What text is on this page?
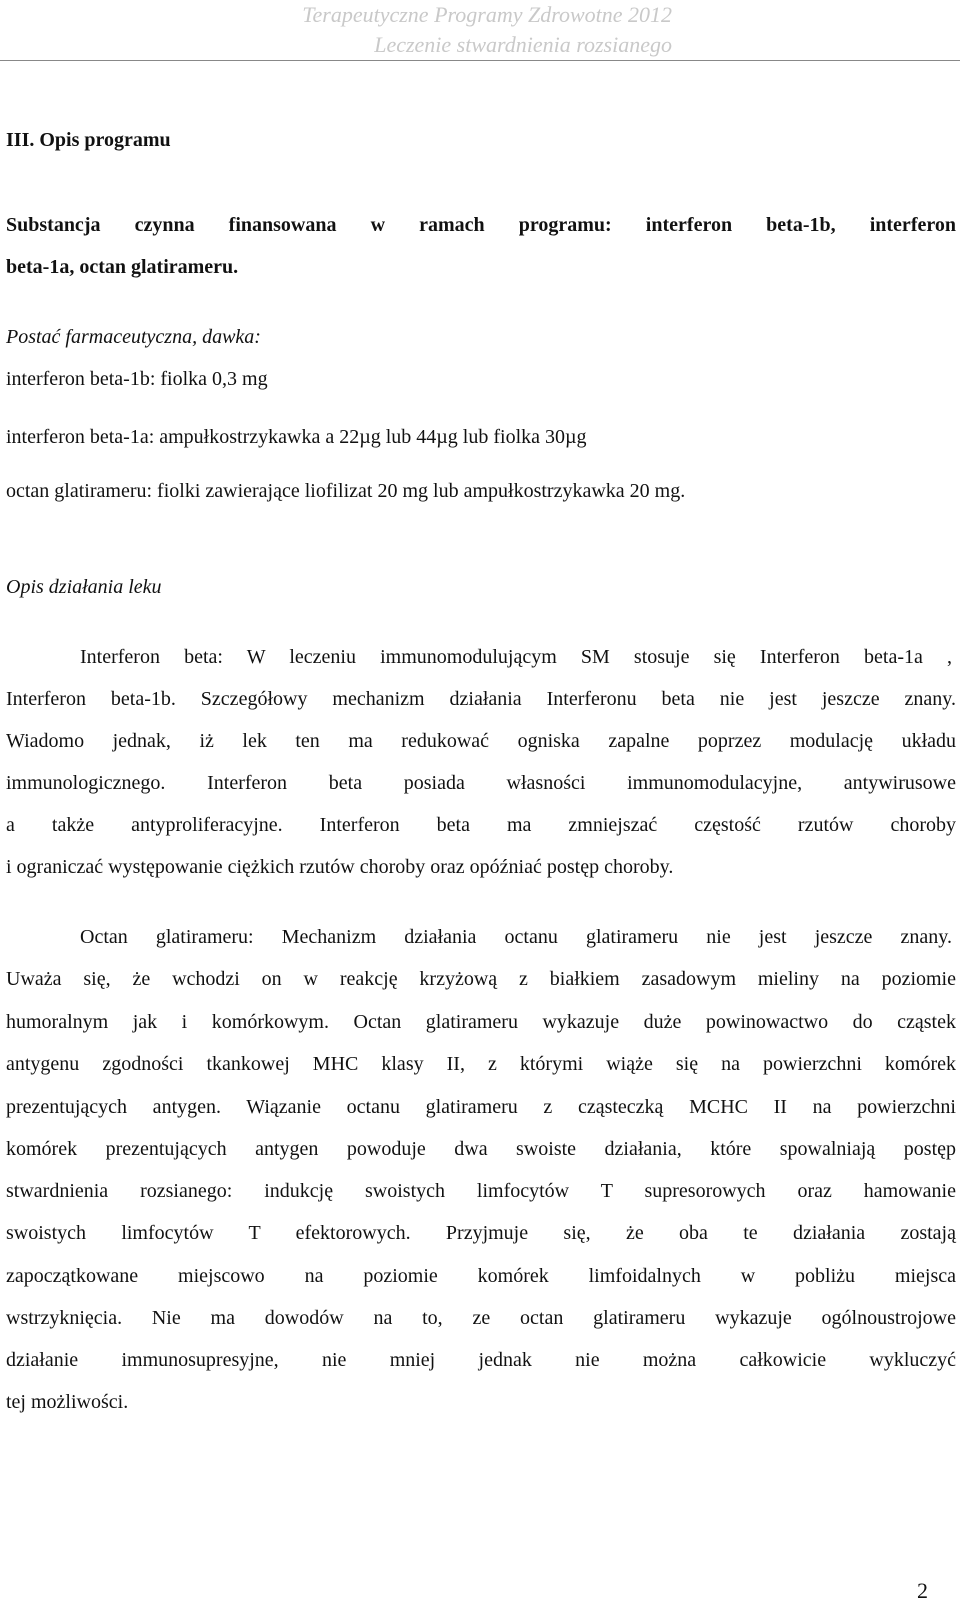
Terapeutyczne Programy Zdrowotne 2012
Leczenie stwardnienia rozsianego
III. Opis programu
Substancja czynna finansowana w ramach programu: interferon beta-1b, interferon
beta-1a, octan glatirameru.
Postać farmaceutyczna, dawka:
interferon beta-1b: fiolka 0,3 mg
interferon beta-1a: ampułkostrzykawka a 22µg lub 44µg lub fiolka 30µg
octan glatirameru: fiolki zawierające liofilizat 20 mg lub ampułkostrzykawka 20 mg.
Opis działania leku
Interferon beta: W leczeniu immunomodulującym SM stosuje się Interferon beta-1a ,
Interferon beta-1b. Szczegółowy mechanizm działania Interferonu beta nie jest jeszcze znany.
Wiadomo jednak, iż lek ten ma redukować ogniska zapalne poprzez modulację układu
immunologicznego. Interferon beta posiada własności immunomodulacyjne, antywirusowe
a także antyproliferacyjne. Interferon beta ma zmniejszać częstość rzutów choroby
i ograniczać występowanie ciężkich rzutów choroby oraz opóźniać postęp choroby.
Octan glatirameru: Mechanizm działania octanu glatirameru nie jest jeszcze znany.
Uważa się, że wchodzi on w reakcję krzyżową z białkiem zasadowym mieliny na poziomie
humoralnym jak i komórkowym. Octan glatirameru wykazuje duże powinowactwo do cząstek
antygenu zgodności tkankowej MHC klasy II, z którymi wiąże się na powierzchni komórek
prezentujących antygen. Wiązanie octanu glatirameru z cząsteczką MCHC II na powierzchni
komórek prezentujących antygen powoduje dwa swoiste działania, które spowalniają postęp
stwardnienia rozsianego: indukcję swoistych limfocytów T supresorowych oraz hamowanie
swoistych limfocytów T efektorowych. Przyjmuje się, że oba te działania zostają
zapoczątkowane miejscowo na poziomie komórek limfoidalnych w pobliżu miejsca
wstrzyknięcia. Nie ma dowodów na to, ze octan glatirameru wykazuje ogólnoustrojowe
działanie immunosupresyjne, nie mniej jednak nie można całkowicie wykluczyć
tej możliwości.
2
